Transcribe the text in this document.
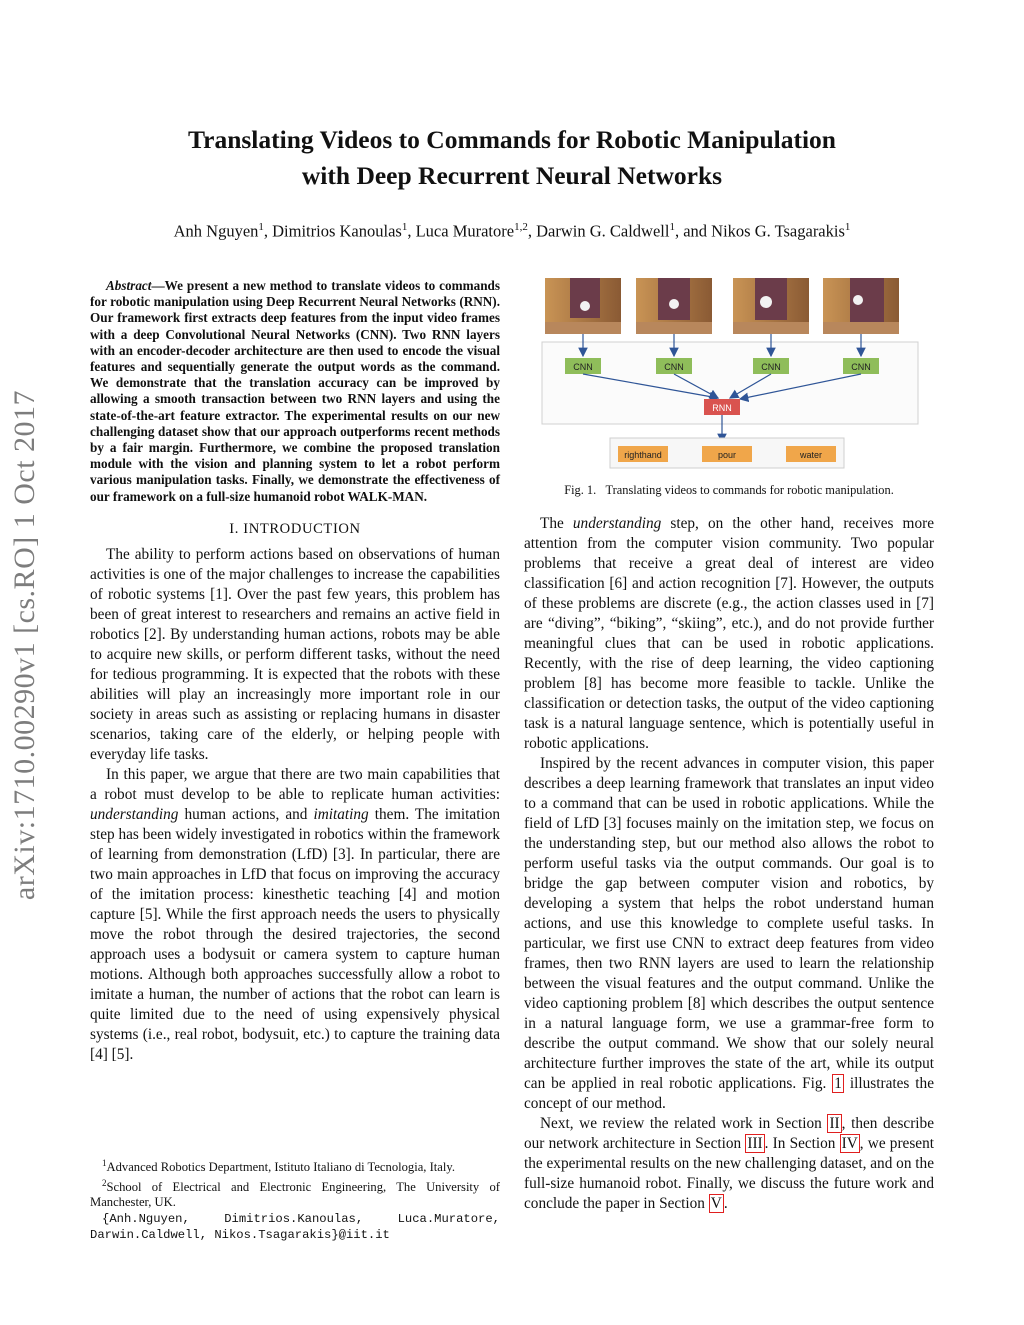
Translating Videos to Commands for Robotic Manipulation
with Deep Recurrent Neural Networks
Anh Nguyen$^1$, Dimitrios Kanoulas$^1$, Luca Muratore$^{1,2}$, Darwin G. Caldwell$^1$, and Nikos G. Tsagarakis$^1$
arXiv:1710.00290v1 [cs.RO] 1 Oct 2017

Abstract—We present a new method to translate videos to commands for robotic manipulation using Deep Recurrent Neural Networks (RNN). Our framework first extracts deep features from the input video frames with a deep Convolutional Neural Networks (CNN). Two RNN layers with an encoder-decoder architecture are then used to encode the visual features and sequentially generate the output words as the command. We demonstrate that the translation accuracy can be improved by allowing a smooth transaction between two RNN layers and using the state-of-the-art feature extractor. The experimental results on our new challenging dataset show that our approach outperforms recent methods by a fair margin. Furthermore, we combine the proposed translation module with the vision and planning system to let a robot perform various manipulation tasks. Finally, we demonstrate the effectiveness of our framework on a full-size humanoid robot WALK-MAN.

I. INTRODUCTION

The ability to perform actions based on observations of human activities is one of the major challenges to increase the capabilities of robotic systems [1]. Over the past few years, this problem has been of great interest to researchers and remains an active field in robotics [2]. By understanding human actions, robots may be able to acquire new skills, or perform different tasks, without the need for tedious programming. It is expected that the robots with these abilities will play an increasingly more important role in our society in areas such as assisting or replacing humans in disaster scenarios, taking care of the elderly, or helping people with everyday life tasks.

In this paper, we argue that there are two main capabilities that a robot must develop to be able to replicate human activities: understanding human actions, and imitating them. The imitation step has been widely investigated in robotics within the framework of learning from demonstration (LfD) [3]. In particular, there are two main approaches in LfD that focus on improving the accuracy of the imitation process: kinesthetic teaching [4] and motion capture [5]. While the first approach needs the users to physically move the robot through the desired trajectories, the second approach uses a bodysuit or camera system to capture human motions. Although both approaches successfully allow a robot to imitate a human, the number of actions that the robot can learn is quite limited due to the need of using expensively physical systems (i.e., real robot, bodysuit, etc.) to capture the training data [4] [5].

$^1$Advanced Robotics Department, Istituto Italiano di Tecnologia, Italy.

$^2$School of Electrical and Electronic Engineering, The University of Manchester, UK.

{Anh.Nguyen, Dimitrios.Kanoulas, Luca.Muratore, Darwin.Caldwell, Nikos.Tsagarakis}@iit.it

CNN	CNN	CNN	CNN
RNN
righthand	pour	water
Fig. 1. Translating videos to commands for robotic manipulation.

The understanding step, on the other hand, receives more attention from the computer vision community. Two popular problems that receive a great deal of interest are video classification [6] and action recognition [7]. However, the outputs of these problems are discrete (e.g., the action classes used in [7] are “diving”, “biking”, “skiing”, etc.), and do not provide further meaningful clues that can be used in robotic applications. Recently, with the rise of deep learning, the video captioning problem [8] has become more feasible to tackle. Unlike the classification or detection tasks, the output of the video captioning task is a natural language sentence, which is potentially useful in robotic applications.

Inspired by the recent advances in computer vision, this paper describes a deep learning framework that translates an input video to a command that can be used in robotic applications. While the field of LfD [3] focuses mainly on the imitation step, we focus on the understanding step, but our method also allows the robot to perform useful tasks via the output commands. Our goal is to bridge the gap between computer vision and robotics, by developing a system that helps the robot understand human actions, and use this knowledge to complete useful tasks. In particular, we first use CNN to extract deep features from video frames, then two RNN layers are used to learn the relationship between the visual features and the output command. Unlike the video captioning problem [8] which describes the output sentence in a natural language form, we use a grammar-free form to describe the output command. We show that our solely neural architecture further improves the state of the art, while its output can be applied in real robotic applications. Fig. 1 illustrates the concept of our method.

Next, we review the related work in Section II , then describe our network architecture in Section III . In Section IV , we present the experimental results on the new challenging dataset, and on the full-size humanoid robot. Finally, we discuss the future work and conclude the paper in Section V .
